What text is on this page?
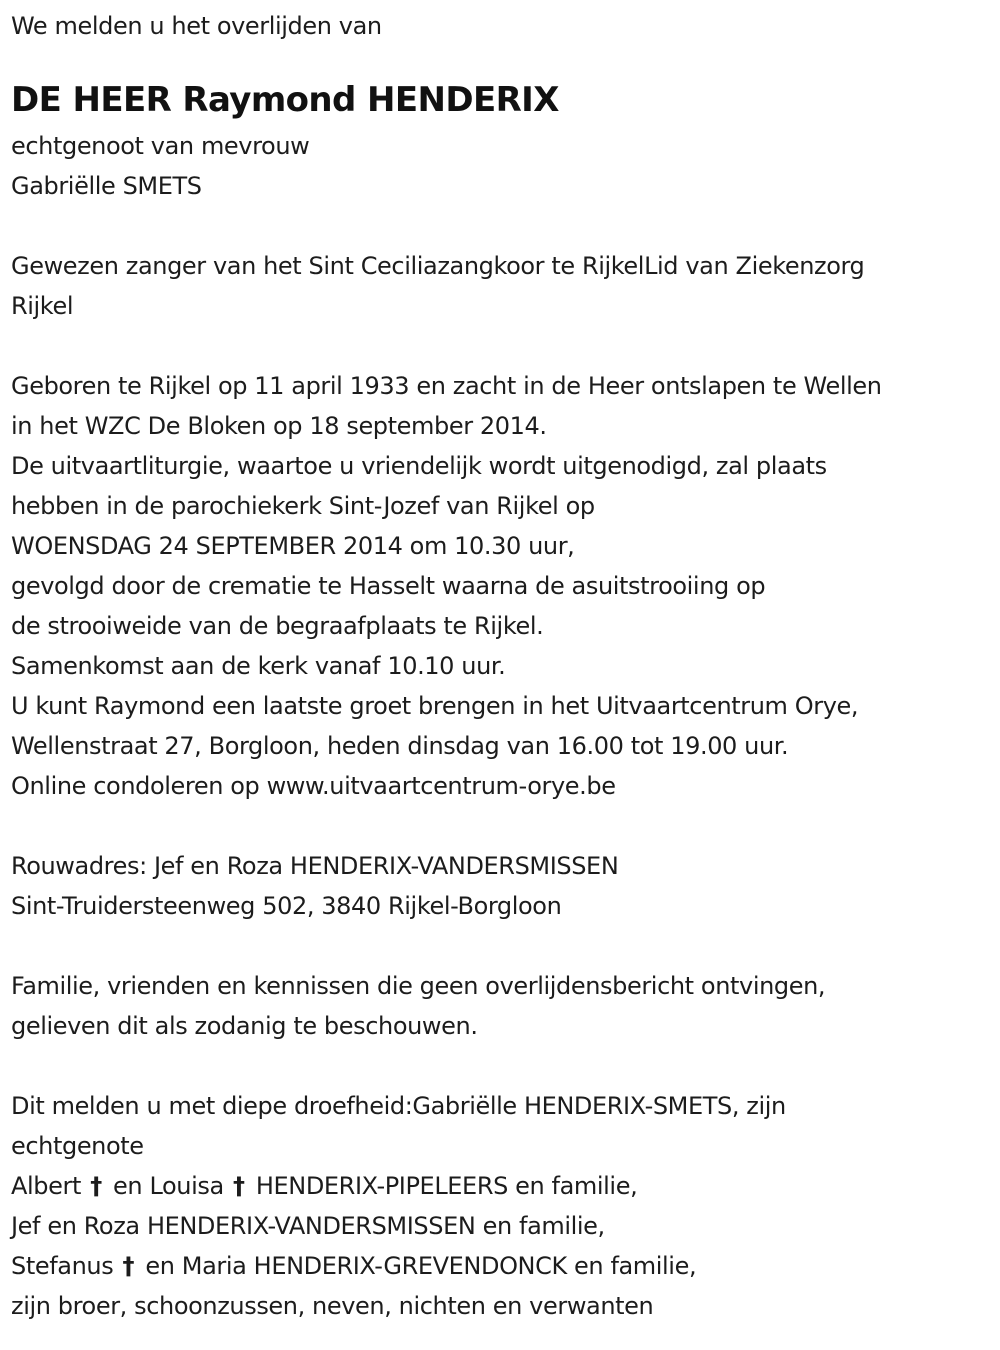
We melden u het overlijden van
DE HEER Raymond HENDERIX
echtgenoot van mevrouw
Gabriëlle SMETS
Gewezen zanger van het Sint Ceciliazangkoor te RijkelLid van Ziekenzorg
Rijkel
Geboren te Rijkel op 11 april 1933 en zacht in de Heer ontslapen te Wellen
in het WZC De Bloken op 18 september 2014.
De uitvaartliturgie, waartoe u vriendelijk wordt uitgenodigd, zal plaats
hebben in de parochiekerk Sint-Jozef van Rijkel op
WOENSDAG 24 SEPTEMBER 2014 om 10.30 uur,
gevolgd door de crematie te Hasselt waarna de asuitstrooiing op
de strooiweide van de begraafplaats te Rijkel.
Samenkomst aan de kerk vanaf 10.10 uur.
U kunt Raymond een laatste groet brengen in het Uitvaartcentrum Orye,
Wellenstraat 27, Borgloon, heden dinsdag van 16.00 tot 19.00 uur.
Online condoleren op www.uitvaartcentrum-orye.be
Rouwadres: Jef en Roza HENDERIX-VANDERSMISSEN
Sint-Truidersteenweg 502, 3840 Rijkel-Borgloon
Familie, vrienden en kennissen die geen overlijdensbericht ontvingen,
gelieven dit als zodanig te beschouwen.
Dit melden u met diepe droefheid:Gabriëlle HENDERIX-SMETS, zijn
echtgenote
Albert † en Louisa † HENDERIX-PIPELEERS en familie,
Jef en Roza HENDERIX-VANDERSMISSEN en familie,
Stefanus † en Maria HENDERIX-GREVENDONCK en familie,
zijn broer, schoonzussen, neven, nichten en verwanten
